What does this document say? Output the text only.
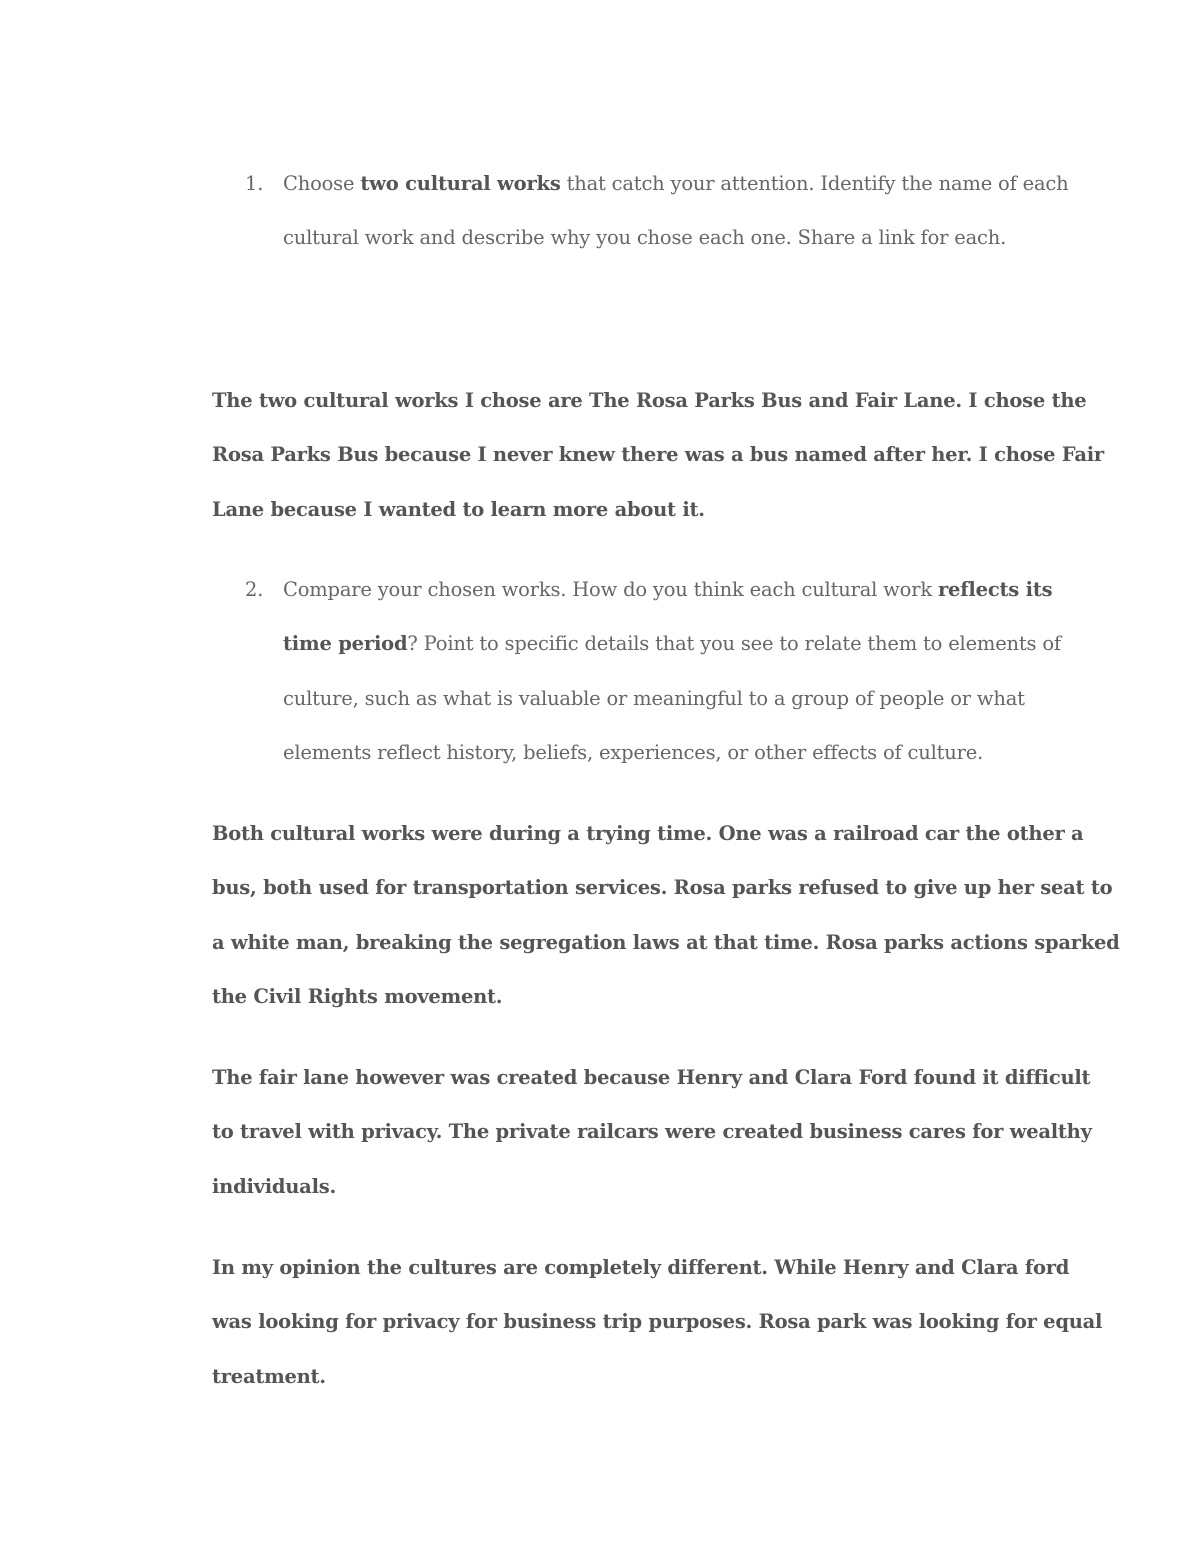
1.	Choose two cultural works that catch your attention. Identify the name of each
cultural work and describe why you chose each one. Share a link for each.
The two cultural works I chose are The Rosa Parks Bus and Fair Lane. I chose the
Rosa Parks Bus because I never knew there was a bus named after her. I chose Fair
Lane because I wanted to learn more about it.
2.	Compare your chosen works. How do you think each cultural work reflects its
time period? Point to specific details that you see to relate them to elements of
culture, such as what is valuable or meaningful to a group of people or what
elements reflect history, beliefs, experiences, or other effects of culture.
Both cultural works were during a trying time. One was a railroad car the other a
bus, both used for transportation services. Rosa parks refused to give up her seat to
a white man, breaking the segregation laws at that time. Rosa parks actions sparked
the Civil Rights movement.
The fair lane however was created because Henry and Clara Ford found it difficult
to travel with privacy. The private railcars were created business cares for wealthy
individuals.
In my opinion the cultures are completely different. While Henry and Clara ford
was looking for privacy for business trip purposes. Rosa park was looking for equal
treatment.
